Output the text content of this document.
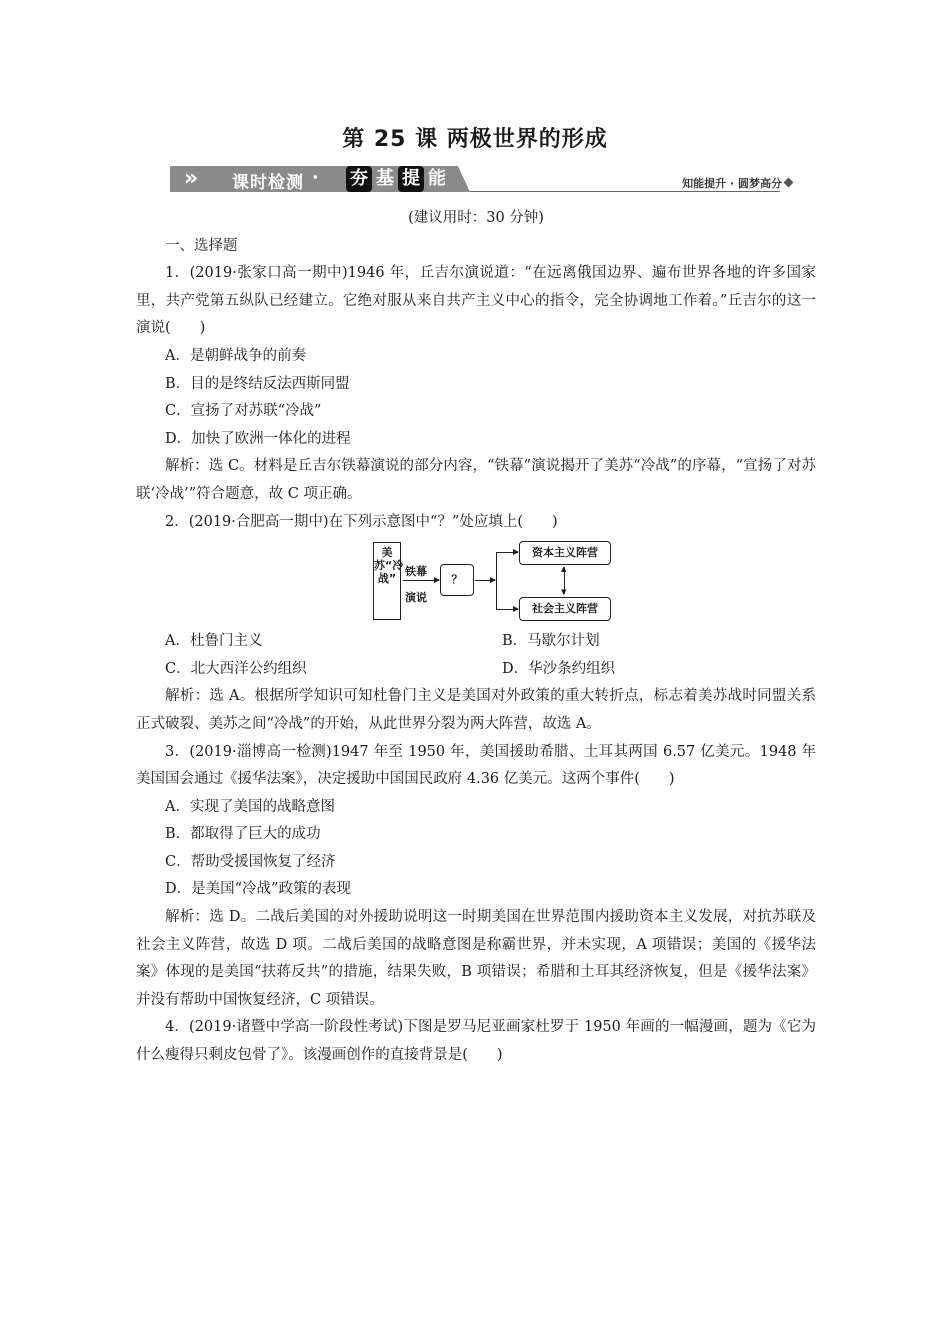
第 25 课 两极世界的形成
» 课时检测 · 夯 基 提 能	知能提升 · 圆梦高分

(建议用时：30 分钟)

一、选择题

1．(2019·张家口高一期中)1946 年，丘吉尔演说道：“在远离俄国边界、遍布世界各地的许多国家里，共产党第五纵队已经建立。它绝对服从来自共产主义中心的指令，完全协调地工作着。”丘吉尔的这一演说(　　)

A．是朝鲜战争的前奏

B．目的是终结反法西斯同盟

C．宣扬了对苏联“冷战”

D．加快了欧洲一体化的进程

解析：选 C。材料是丘吉尔铁幕演说的部分内容，“铁幕”演说揭开了美苏“冷战”的序幕，“宣扬了对苏联‘冷战’”符合题意，故 C 项正确。

2．(2019·合肥高一期中)在下列示意图中“？”处应填上(　　)

美苏“冷战”
铁幕
演说
？
资本主义阵营
▲
▼
社会主义阵营
A．杜鲁门主义	B．马歇尔计划
C．北大西洋公约组织	D．华沙条约组织

解析：选 A。根据所学知识可知杜鲁门主义是美国对外政策的重大转折点，标志着美苏战时同盟关系正式破裂、美苏之间“冷战”的开始，从此世界分裂为两大阵营，故选 A。

3．(2019·淄博高一检测)1947 年至 1950 年，美国援助希腊、土耳其两国 6.57 亿美元。1948 年美国国会通过《援华法案》，决定援助中国国民政府 4.36 亿美元。这两个事件(　　)

A．实现了美国的战略意图

B．都取得了巨大的成功

C．帮助受援国恢复了经济

D．是美国“冷战”政策的表现

解析：选 D。二战后美国的对外援助说明这一时期美国在世界范围内援助资本主义发展，对抗苏联及社会主义阵营，故选 D 项。二战后美国的战略意图是称霸世界，并未实现，A 项错误；美国的《援华法案》体现的是美国“扶蒋反共”的措施，结果失败，B 项错误；希腊和土耳其经济恢复，但是《援华法案》并没有帮助中国恢复经济，C 项错误。

4．(2019·诸暨中学高一阶段性考试)下图是罗马尼亚画家杜罗于 1950 年画的一幅漫画，题为《它为什么瘦得只剩皮包骨了》。该漫画创作的直接背景是(　　)
